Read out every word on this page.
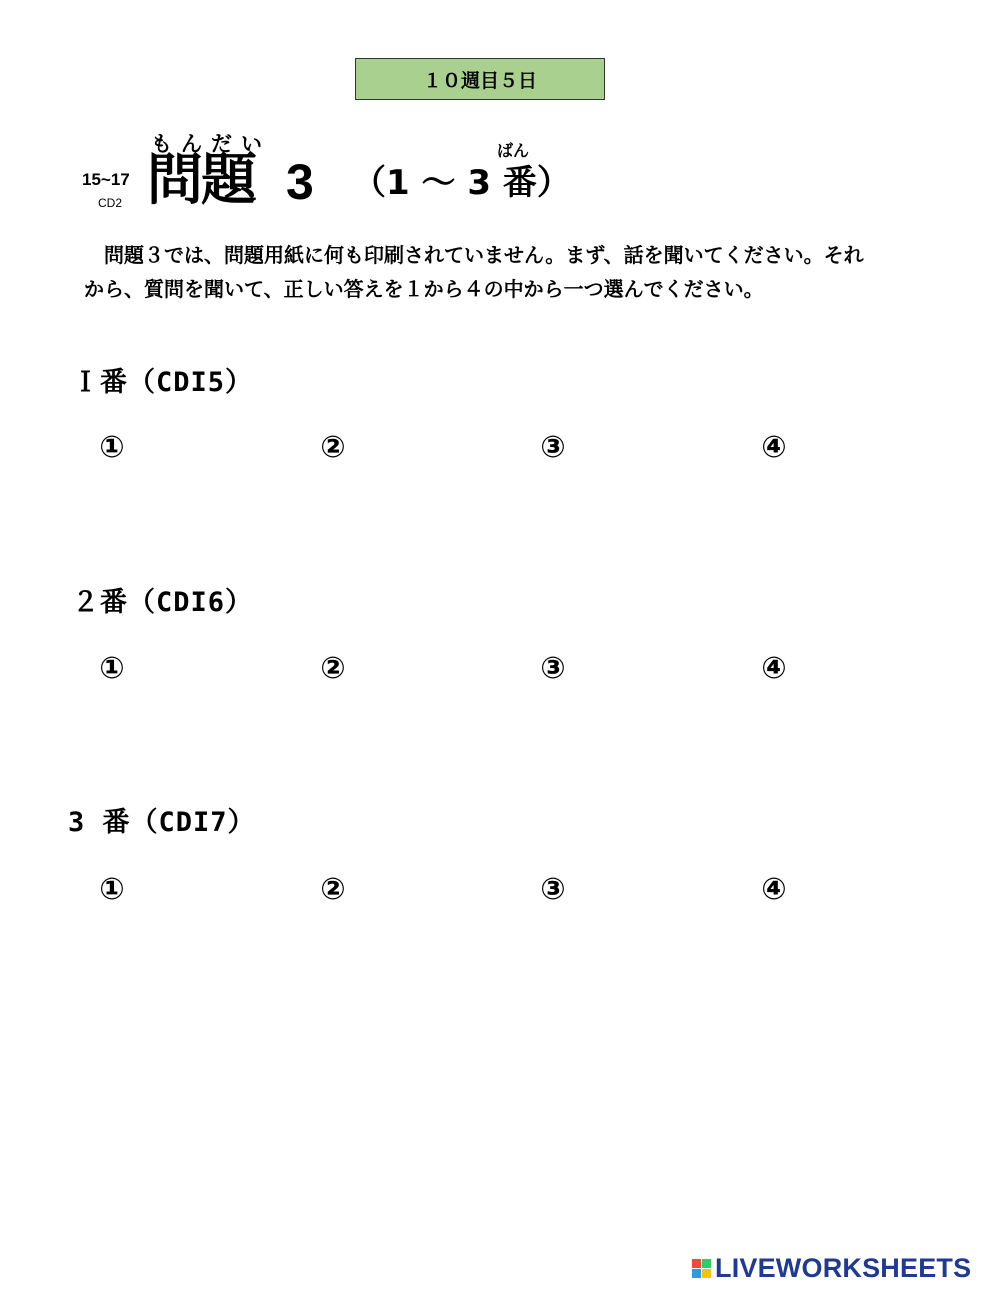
１０週目５日
15~17
CD2
もんだい
問題 3
ばん
（1 ～ 3 番）
問題３では、問題用紙に何も印刷されていません。まず、話を聞いてください。それ
から、質問を聞いて、正しい答えを１から４の中から一つ選んでください。
Ｉ番（CDI5）
①	②	③	④
２番（CDI6）
①	②	③	④
3 番（CDI7）
①	②	③	④
LIVEWORKSHEETS
